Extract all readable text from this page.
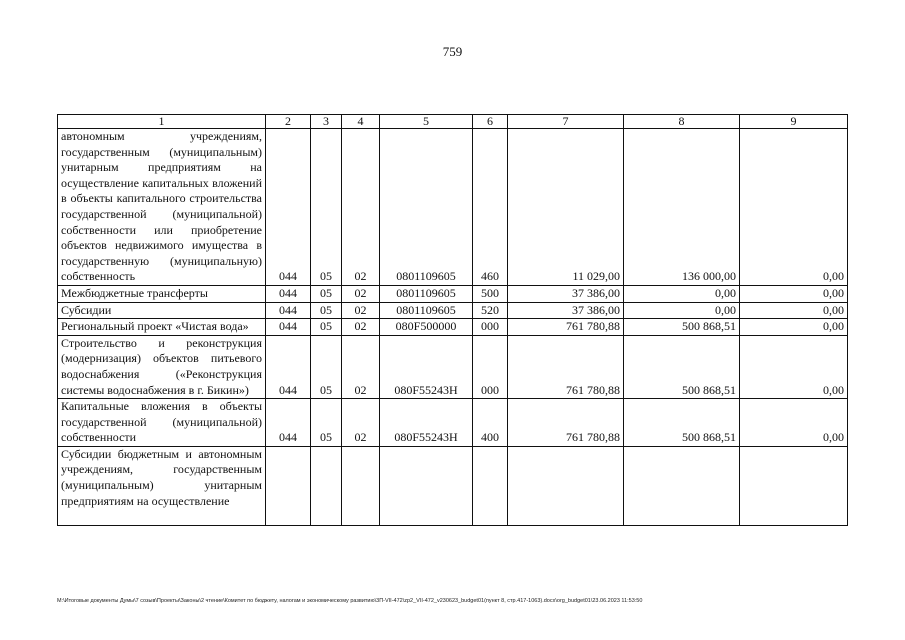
759
1	2	3	4	5	6	7	8	9
автономным учреждениям, государственным (муниципальным) унитарным предприятиям на осуществление капитальных вложений в объекты капитального строительства государственной (муниципальной) собственности или приобретение объектов недвижимого имущества в государственную (муниципальную) собственность	044	05	02	0801109605	460	11 029,00	136 000,00	0,00
Межбюджетные трансферты	044	05	02	0801109605	500	37 386,00	0,00	0,00
Субсидии	044	05	02	0801109605	520	37 386,00	0,00	0,00
Региональный проект «Чистая вода»	044	05	02	080F500000	000	761 780,88	500 868,51	0,00
Строительство и реконструкция (модернизация) объектов питьевого водоснабжения («Реконструкция системы водоснабжения в г. Бикин»)	044	05	02	080F55243H	000	761 780,88	500 868,51	0,00
Капитальные вложения в объекты государственной (муниципальной) собственности	044	05	02	080F55243H	400	761 780,88	500 868,51	0,00

Субсидии бюджетным и автономным учреждениям, государственным (муниципальным) унитарным предприятиям на осуществление								

M:\Итоговые документы Думы\7 созыв\Проекты\Законы\2 чтение\Комитет по бюджету, налогам и экономическому развитию\3П-VII-472\zp2_VII-472_v230623_budget01(пункт 8, стр.417-1063).docx\org_budget01\23.06.2023 11:53:50
